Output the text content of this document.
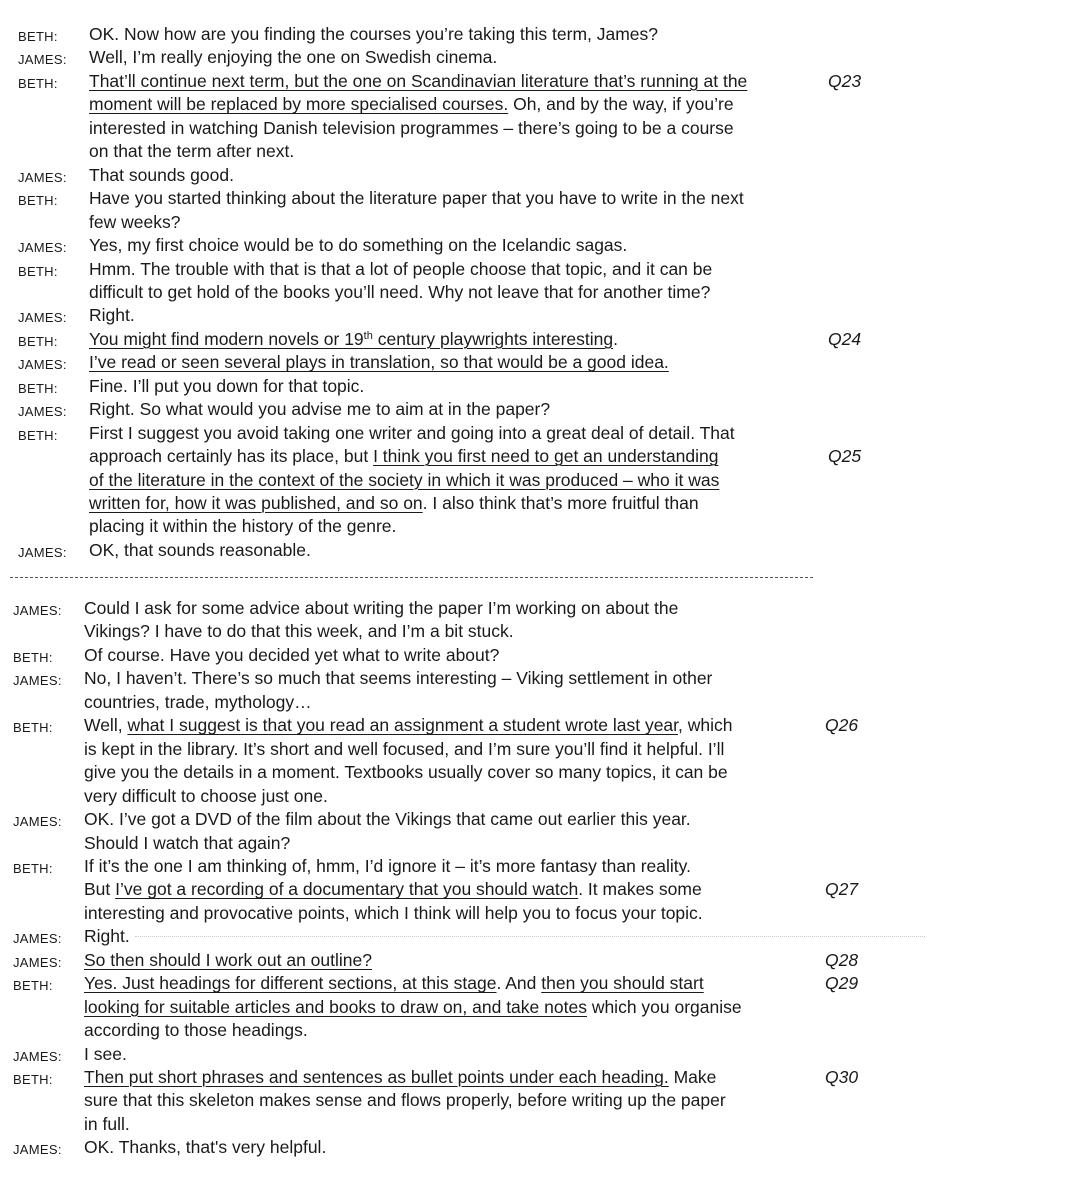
BETH: OK. Now how are you finding the courses you’re taking this term, James?
JAMES: Well, I’m really enjoying the one on Swedish cinema.
BETH: That’ll continue next term, but the one on Scandinavian literature that’s running at the	Q23
moment will be replaced by more specialised courses. Oh, and by the way, if you’re
interested in watching Danish television programmes – there’s going to be a course
on that the term after next.
JAMES: That sounds good.
BETH: Have you started thinking about the literature paper that you have to write in the next
few weeks?
JAMES: Yes, my first choice would be to do something on the Icelandic sagas.
BETH: Hmm. The trouble with that is that a lot of people choose that topic, and it can be
difficult to get hold of the books you’ll need. Why not leave that for another time?
JAMES: Right.
BETH: You might find modern novels or 19th century playwrights interesting.	Q24
JAMES: I’ve read or seen several plays in translation, so that would be a good idea.
BETH: Fine. I’ll put you down for that topic.
JAMES: Right. So what would you advise me to aim at in the paper?
BETH: First I suggest you avoid taking one writer and going into a great deal of detail. That
approach certainly has its place, but I think you first need to get an understanding	Q25
of the literature in the context of the society in which it was produced – who it was
written for, how it was published, and so on. I also think that’s more fruitful than
placing it within the history of the genre.
JAMES: OK, that sounds reasonable.
JAMES: Could I ask for some advice about writing the paper I’m working on about the
Vikings? I have to do that this week, and I’m a bit stuck.
BETH: Of course. Have you decided yet what to write about?
JAMES: No, I haven’t. There’s so much that seems interesting – Viking settlement in other
countries, trade, mythology…
BETH: Well, what I suggest is that you read an assignment a student wrote last year, which	Q26
is kept in the library. It’s short and well focused, and I’m sure you’ll find it helpful. I’ll
give you the details in a moment. Textbooks usually cover so many topics, it can be
very difficult to choose just one.
JAMES: OK. I’ve got a DVD of the film about the Vikings that came out earlier this year.
Should I watch that again?
BETH: If it’s the one I am thinking of, hmm, I’d ignore it – it’s more fantasy than reality.
But I’ve got a recording of a documentary that you should watch. It makes some	Q27
interesting and provocative points, which I think will help you to focus your topic.
JAMES: Right.
JAMES: So then should I work out an outline?	Q28
BETH: Yes. Just headings for different sections, at this stage. And then you should start	Q29
looking for suitable articles and books to draw on, and take notes which you organise
according to those headings.
JAMES: I see.
BETH: Then put short phrases and sentences as bullet points under each heading. Make	Q30
sure that this skeleton makes sense and flows properly, before writing up the paper
in full.
JAMES: OK. Thanks, that's very helpful.
